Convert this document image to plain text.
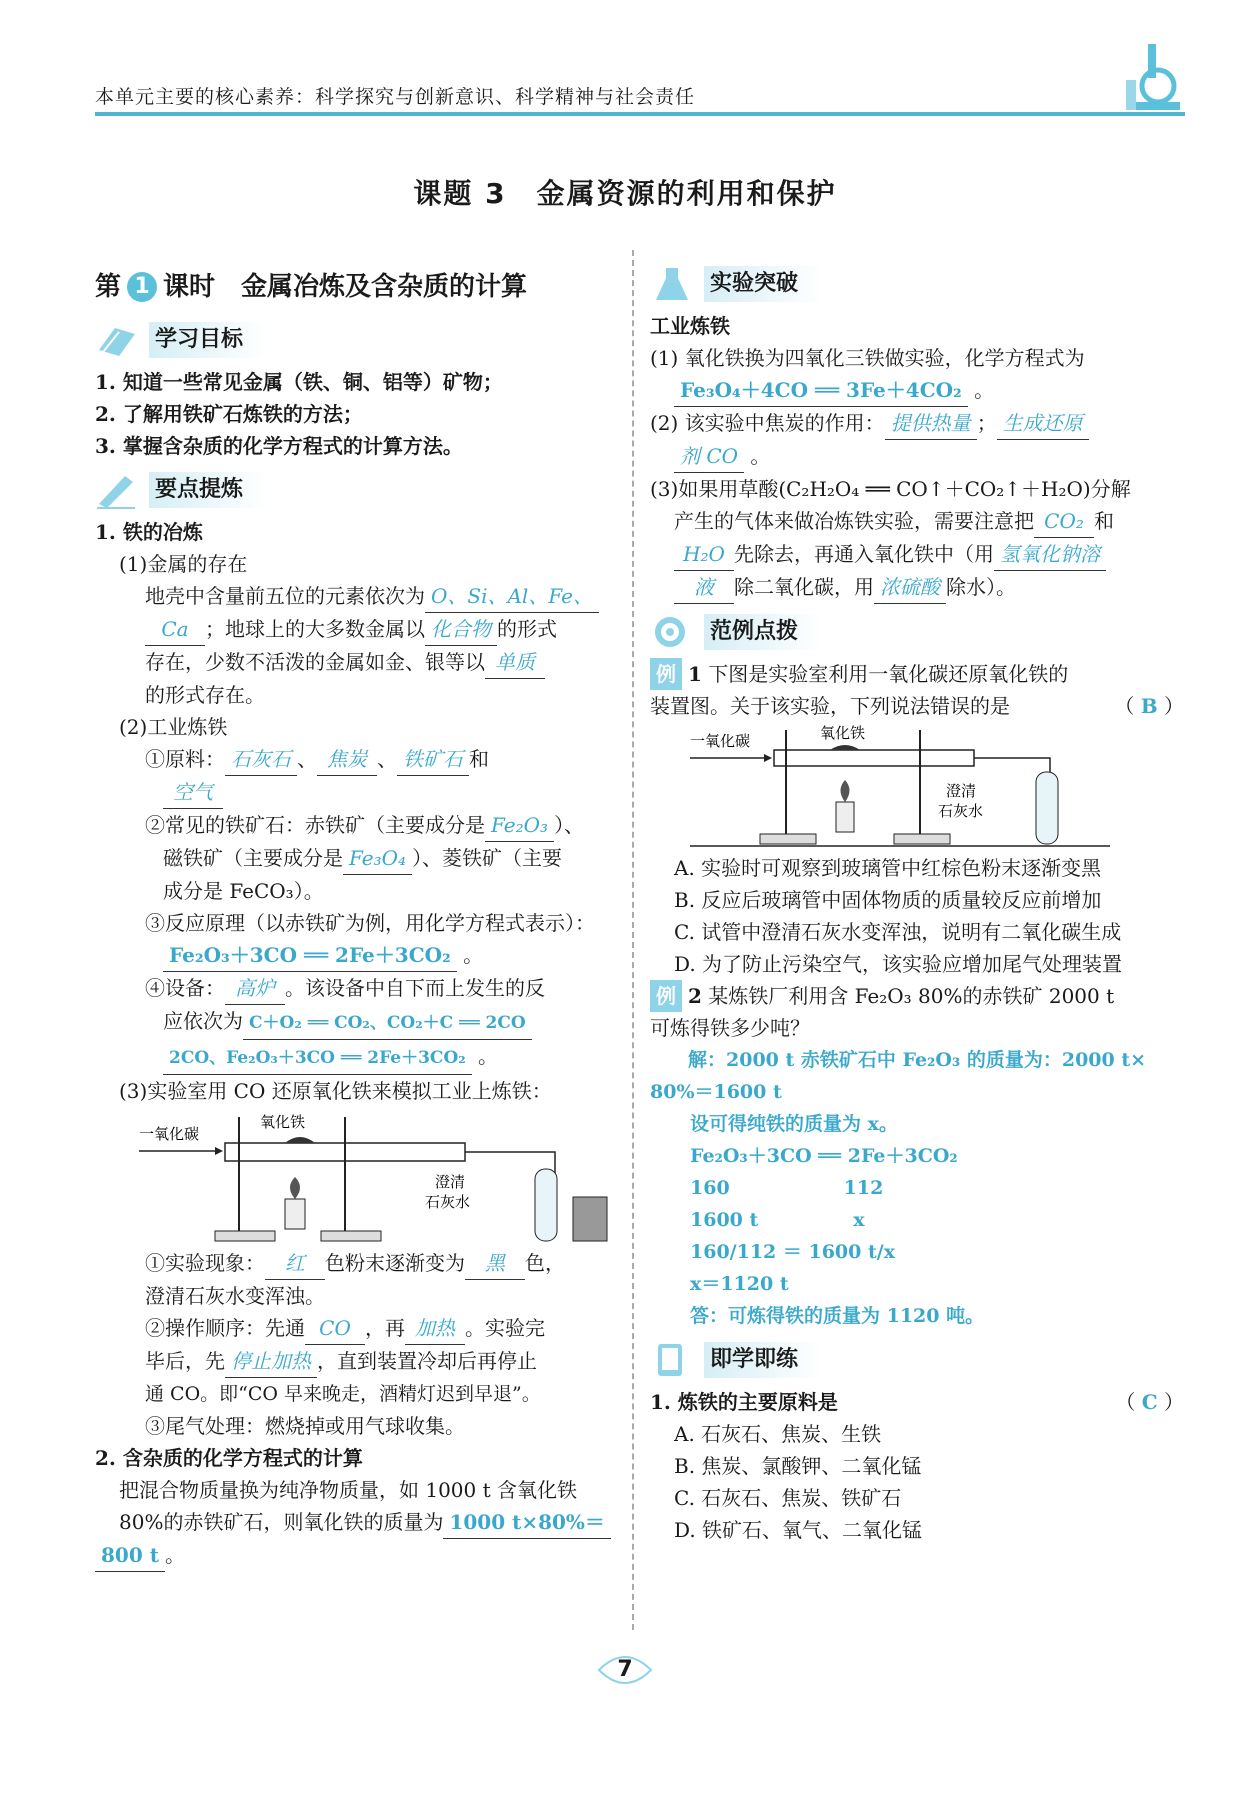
本单元主要的核心素养：科学探究与创新意识、科学精神与社会责任
课题 3　金属资源的利用和保护
第 1 课时　金属冶炼及含杂质的计算
学习目标

1. 知道一些常见金属（铁、铜、铝等）矿物；

2. 了解用铁矿石炼铁的方法；

3. 掌握含杂质的化学方程式的计算方法。

要点提炼

1. 铁的冶炼

(1)金属的存在

地壳中含量前五位的元素依次为 O、Si、Al、Fe、

Ca ；地球上的大多数金属以 化合物 的形式

存在，少数不活泼的金属如金、银等以 单质

的形式存在。

(2)工业炼铁

①原料： 石灰石 、 焦炭 、 铁矿石 和

空气

②常见的铁矿石：赤铁矿（主要成分是 Fe₂O₃ ）、

磁铁矿（主要成分是 Fe₃O₄ ）、菱铁矿（主要

成分是 FeCO₃）。

③反应原理（以赤铁矿为例，用化学方程式表示）：

Fe₂O₃＋3CO ══ 2Fe＋3CO₂ 。

④设备： 高炉 。该设备中自下而上发生的反

应依次为 C＋O₂ ══ CO₂、CO₂＋C ══ 2CO

2CO、Fe₂O₃＋3CO ══ 2Fe＋3CO₂ 。

(3)实验室用 CO 还原氧化铁来模拟工业上炼铁：

一氧化碳
氧化铁
澄清
石灰水

①实验现象： 红 色粉末逐渐变为 黑 色，

澄清石灰水变浑浊。

②操作顺序：先通 CO ，再 加热 。实验完

毕后，先 停止加热 ，直到装置冷却后再停止

通 CO。即“CO 早来晚走，酒精灯迟到早退”。

③尾气处理：燃烧掉或用气球收集。

2. 含杂质的化学方程式的计算

把混合物质量换为纯净物质量，如 1000 t 含氧化铁

80%的赤铁矿石，则氧化铁的质量为 1000 t×80%＝

800 t 。

实验突破

工业炼铁

(1) 氧化铁换为四氧化三铁做实验，化学方程式为

Fe₃O₄＋4CO ══ 3Fe＋4CO₂ 。

(2) 该实验中焦炭的作用： 提供热量 ； 生成还原

剂 CO 。

(3)如果用草酸(C₂H₂O₄ ══ CO↑＋CO₂↑＋H₂O)分解

产生的气体来做冶炼铁实验，需要注意把 CO₂ 和

H₂O 先除去，再通入氧化铁中（用 氢氧化钠溶

液 除二氧化碳，用 浓硫酸 除水）。

范例点拨

例 1 下图是实验室利用一氧化碳还原氧化铁的

装置图。关于该实验，下列说法错误的是	（ B ）

一氧化碳	氧化铁
澄清
石灰水

A. 实验时可观察到玻璃管中红棕色粉末逐渐变黑

B. 反应后玻璃管中固体物质的质量较反应前增加

C. 试管中澄清石灰水变浑浊，说明有二氧化碳生成

D. 为了防止污染空气，该实验应增加尾气处理装置

例 2 某炼铁厂利用含 Fe₂O₃ 80%的赤铁矿 2000 t

可炼得铁多少吨？

解：2000 t 赤铁矿石中 Fe₂O₃ 的质量为：2000 t×

80%＝1600 t

设可得纯铁的质量为 x。

Fe₂O₃＋3CO ══ 2Fe＋3CO₂

160　　　　　　112

1600 t　　　　　x

160/112 ＝ 1600 t/x

x＝1120 t

答：可炼得铁的质量为 1120 吨。

即学即练

1. 炼铁的主要原料是	（ C ）

A. 石灰石、焦炭、生铁

B. 焦炭、氯酸钾、二氧化锰

C. 石灰石、焦炭、铁矿石

D. 铁矿石、氧气、二氧化锰

7
